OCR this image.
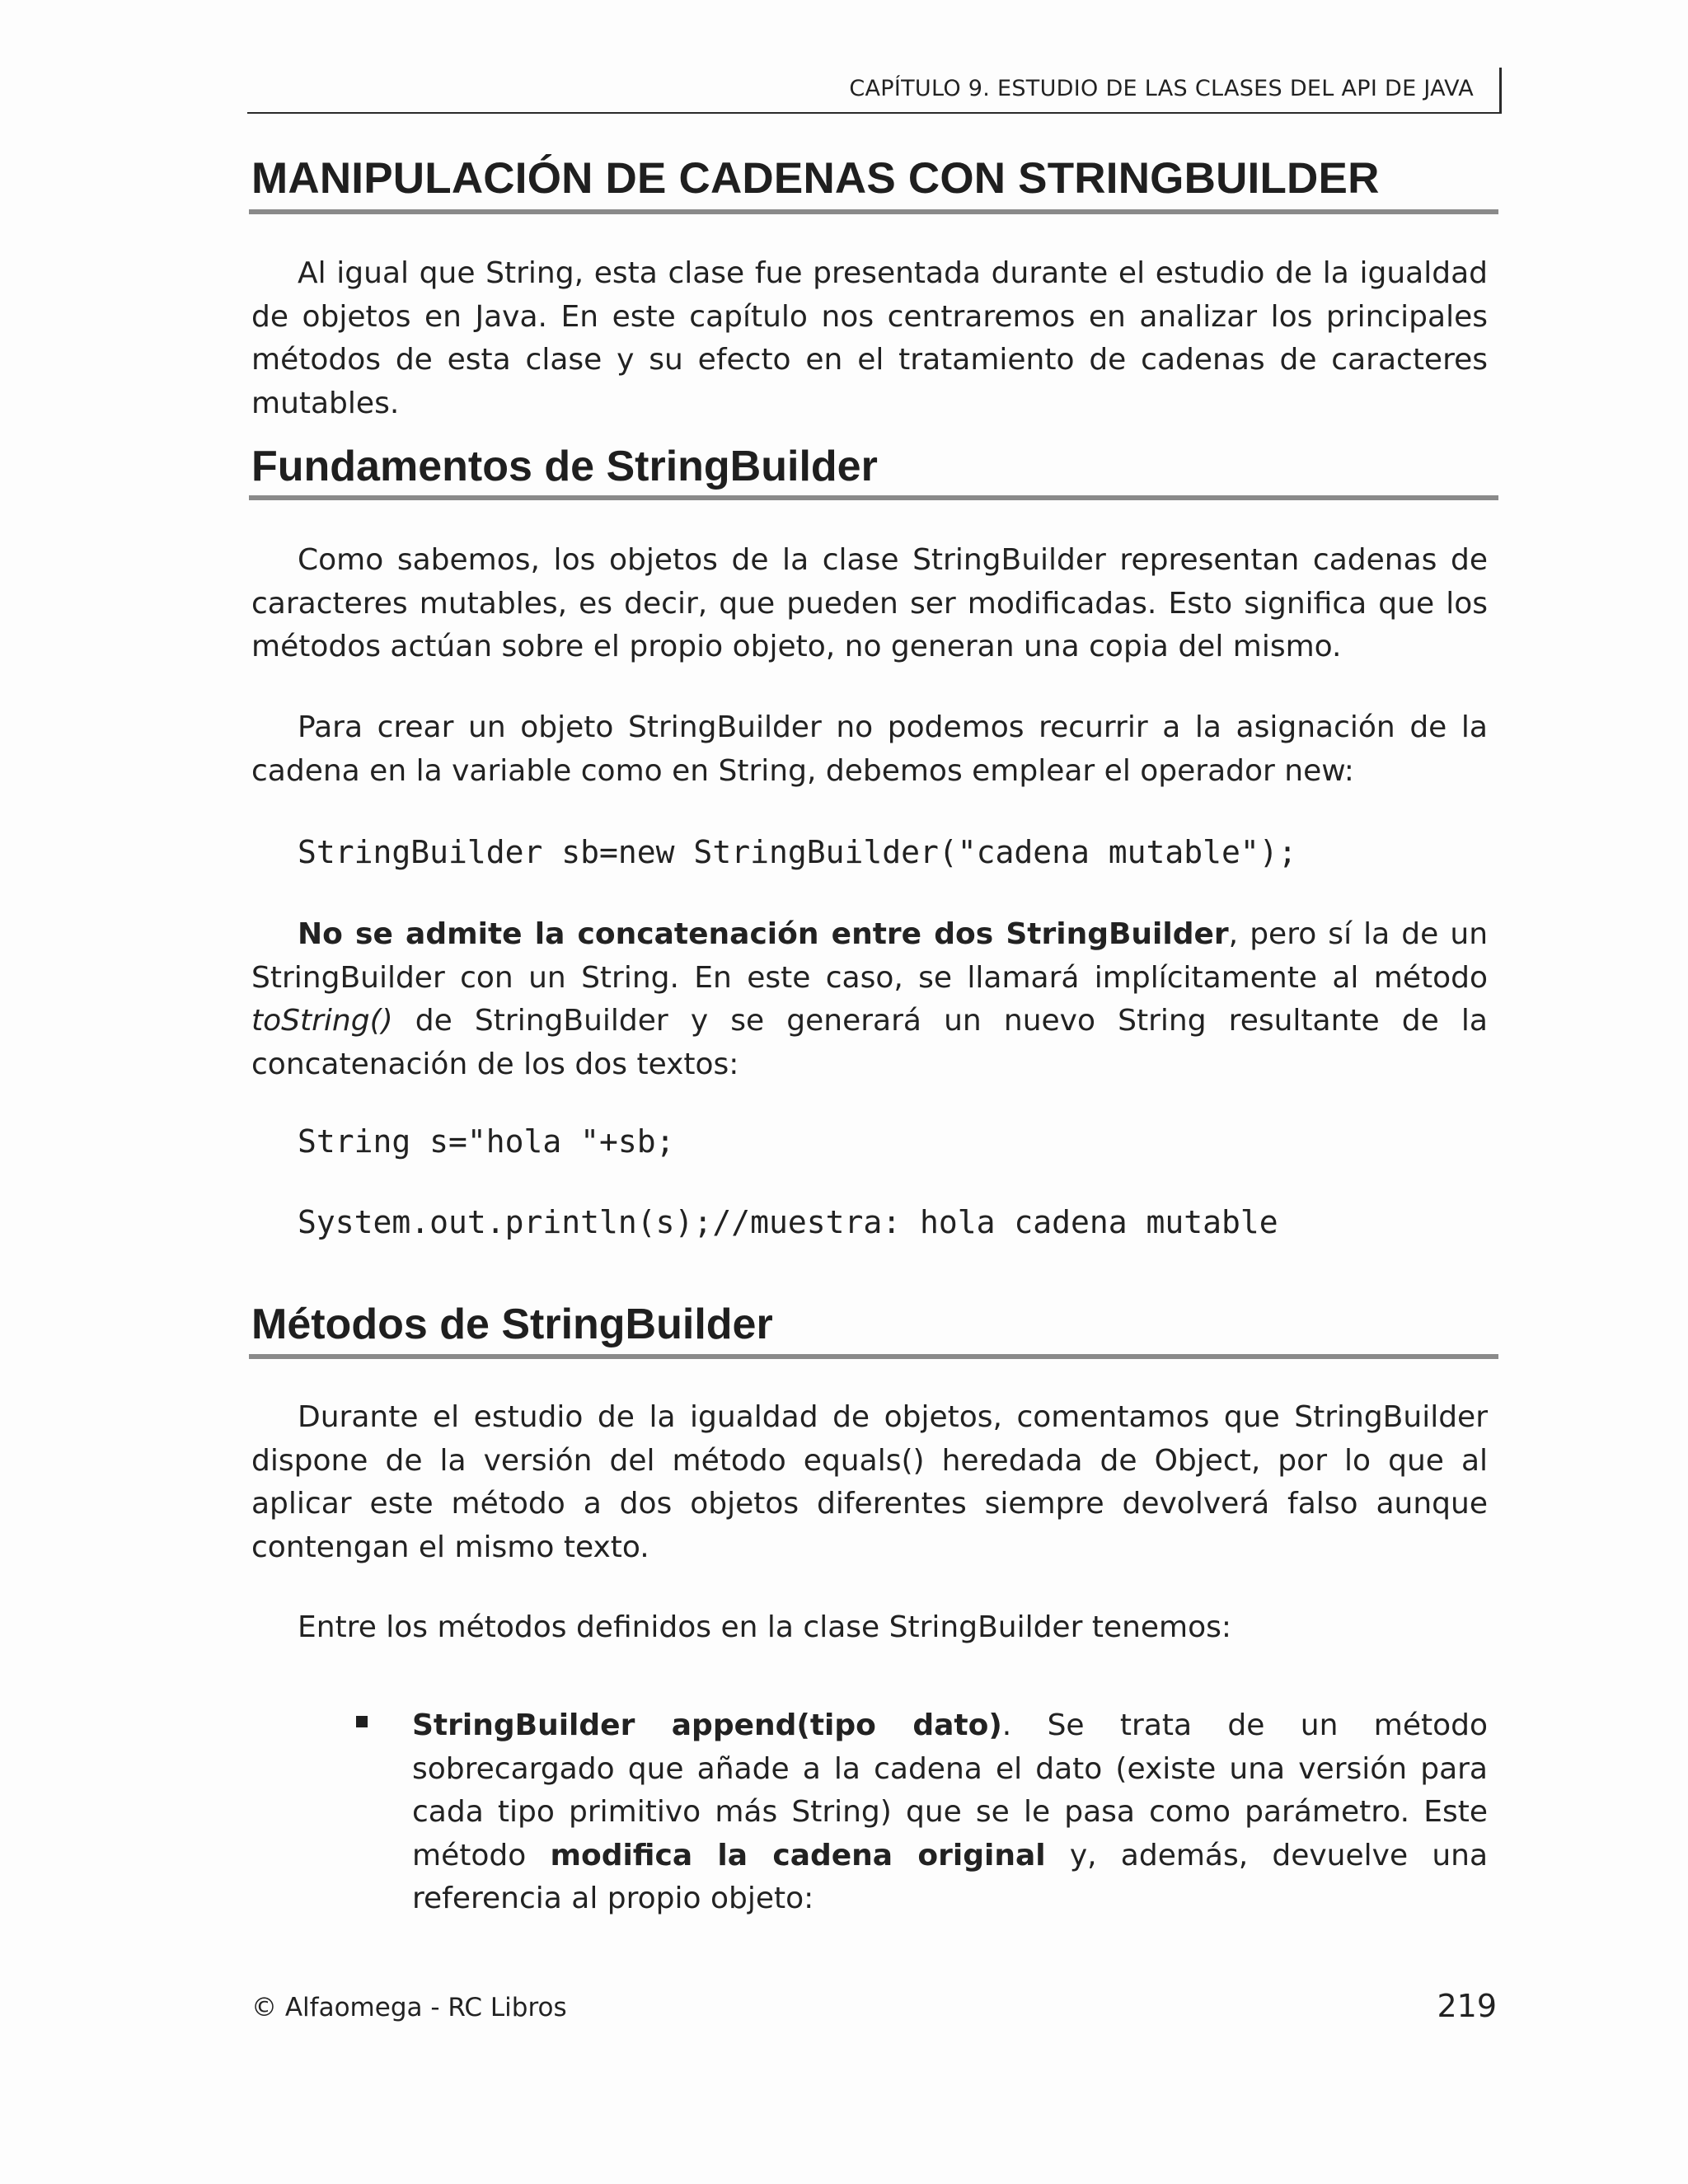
CAPÍTULO 9. ESTUDIO DE LAS CLASES DEL API DE JAVA
MANIPULACIÓN DE CADENAS CON STRINGBUILDER

Al igual que String, esta clase fue presentada durante el estudio de la igualdad de objetos en Java. En este capítulo nos centraremos en analizar los principales métodos de esta clase y su efecto en el tratamiento de cadenas de caracteres mutables.

Fundamentos de StringBuilder

Como sabemos, los objetos de la clase StringBuilder representan cadenas de caracteres mutables, es decir, que pueden ser modificadas. Esto significa que los métodos actúan sobre el propio objeto, no generan una copia del mismo.

Para crear un objeto StringBuilder no podemos recurrir a la asignación de la cadena en la variable como en String, debemos emplear el operador new:

StringBuilder sb=new StringBuilder("cadena mutable");

No se admite la concatenación entre dos StringBuilder, pero sí la de un StringBuilder con un String. En este caso, se llamará implícitamente al método toString() de StringBuilder y se generará un nuevo String resultante de la concatenación de los dos textos:

String s="hola "+sb;
System.out.println(s);//muestra: hola cadena mutable
Métodos de StringBuilder

Durante el estudio de la igualdad de objetos, comentamos que StringBuilder dispone de la versión del método equals() heredada de Object, por lo que al aplicar este método a dos objetos diferentes siempre devolverá falso aunque contengan el mismo texto.

Entre los métodos definidos en la clase StringBuilder tenemos:

StringBuilder append(tipo dato). Se trata de un método sobrecargado que añade a la cadena el dato (existe una versión para cada tipo primitivo más String) que se le pasa como parámetro. Este método modifica la cadena original y, además, devuelve una referencia al propio objeto:

© Alfaomega - RC Libros	219
